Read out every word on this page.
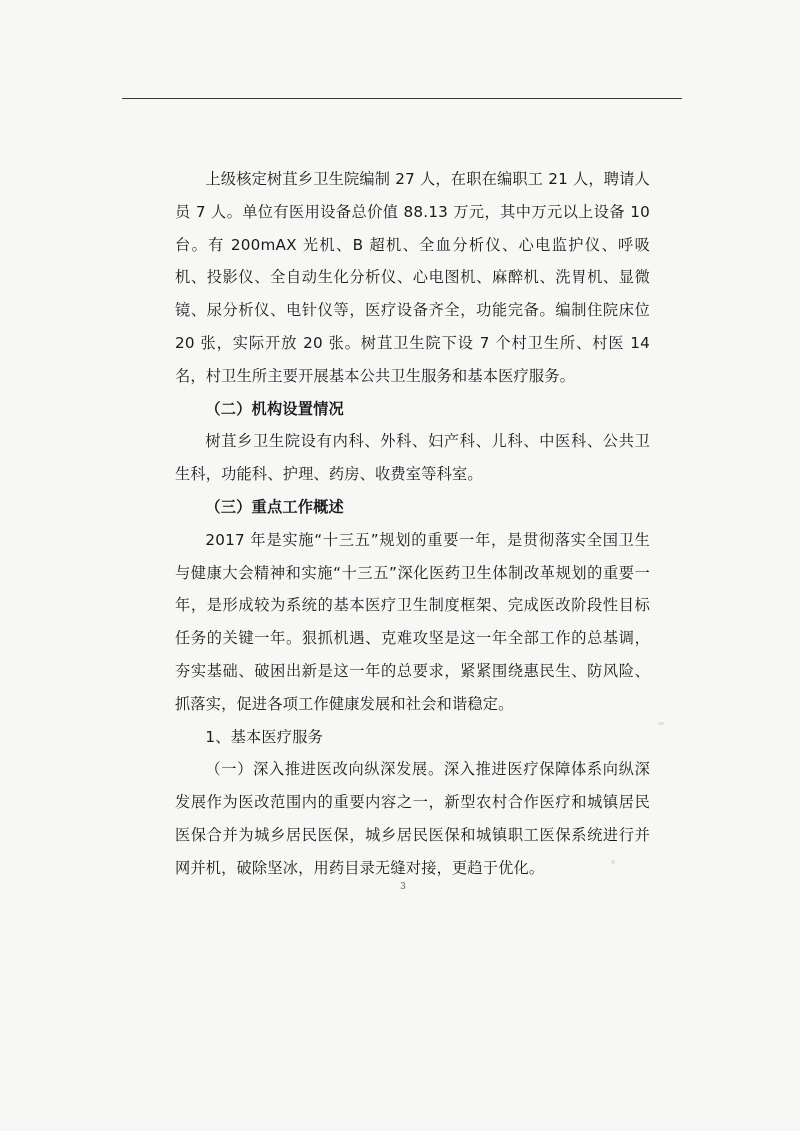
上级核定树苴乡卫生院编制 27 人，在职在编职工 21 人，聘请人员 7 人。单位有医用设备总价值 88.13 万元，其中万元以上设备 10 台。有 200mAX 光机、B 超机、全血分析仪、心电监护仪、呼吸机、投影仪、全自动生化分析仪、心电图机、麻醉机、洗胃机、显微镜、尿分析仪、电针仪等，医疗设备齐全，功能完备。编制住院床位 20 张，实际开放 20 张。树苴卫生院下设 7 个村卫生所、村医 14 名，村卫生所主要开展基本公共卫生服务和基本医疗服务。

（二）机构设置情况

树苴乡卫生院设有内科、外科、妇产科、儿科、中医科、公共卫生科，功能科、护理、药房、收费室等科室。

（三）重点工作概述

2017 年是实施“十三五”规划的重要一年，是贯彻落实全国卫生与健康大会精神和实施“十三五”深化医药卫生体制改革规划的重要一年，是形成较为系统的基本医疗卫生制度框架、完成医改阶段性目标任务的关键一年。狠抓机遇、克难攻坚是这一年全部工作的总基调，夯实基础、破困出新是这一年的总要求，紧紧围绕惠民生、防风险、抓落实，促进各项工作健康发展和社会和谐稳定。

1、基本医疗服务

（一）深入推进医改向纵深发展。深入推进医疗保障体系向纵深发展作为医改范围内的重要内容之一，新型农村合作医疗和城镇居民医保合并为城乡居民医保，城乡居民医保和城镇职工医保系统进行并网并机，破除坚冰，用药目录无缝对接，更趋于优化。

3
